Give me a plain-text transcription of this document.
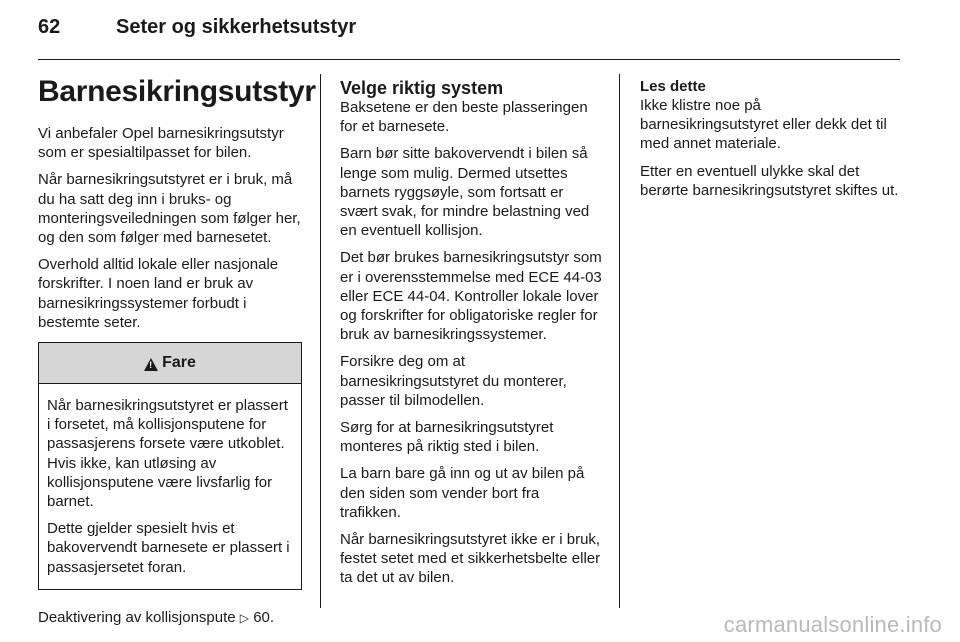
62	Seter og sikkerhetsutstyr
Barnesikringsutstyr

Vi anbefaler Opel barnesikringsutstyr som er spesialtilpasset for bilen.

Når barnesikringsutstyret er i bruk, må du ha satt deg inn i bruks- og monteringsveiledningen som følger her, og den som følger med barnesetet.

Overhold alltid lokale eller nasjonale forskrifter. I noen land er bruk av barnesikringssystemer forbudt i bestemte seter.

!
Fare

Når barnesikringsutstyret er plassert i forsetet, må kollisjonsputene for passasjerens forsete være utkoblet. Hvis ikke, kan utløsing av kollisjonsputene være livsfarlig for barnet.

Dette gjelder spesielt hvis et bakovervendt barnesete er plassert i passasjersetet foran.

Deaktivering av kollisjonspute ▷ 60.

Velge riktig system

Baksetene er den beste plasseringen for et barnesete.

Barn bør sitte bakovervendt i bilen så lenge som mulig. Dermed utsettes barnets ryggsøyle, som fortsatt er svært svak, for mindre belastning ved en eventuell kollisjon.

Det bør brukes barnesikringsutstyr som er i overensstemmelse med ECE 44-03 eller ECE 44-04. Kontroller lokale lover og forskrifter for obligatoriske regler for bruk av barnesikringssystemer.

Forsikre deg om at barnesikringsutstyret du monterer, passer til bilmodellen.

Sørg for at barnesikringsutstyret monteres på riktig sted i bilen.

La barn bare gå inn og ut av bilen på den siden som vender bort fra trafikken.

Når barnesikringsutstyret ikke er i bruk, festet setet med et sikkerhetsbelte eller ta det ut av bilen.

Les dette

Ikke klistre noe på barnesikringsutstyret eller dekk det til med annet materiale.

Etter en eventuell ulykke skal det berørte barnesikringsutstyret skiftes ut.

carmanualsonline.info
